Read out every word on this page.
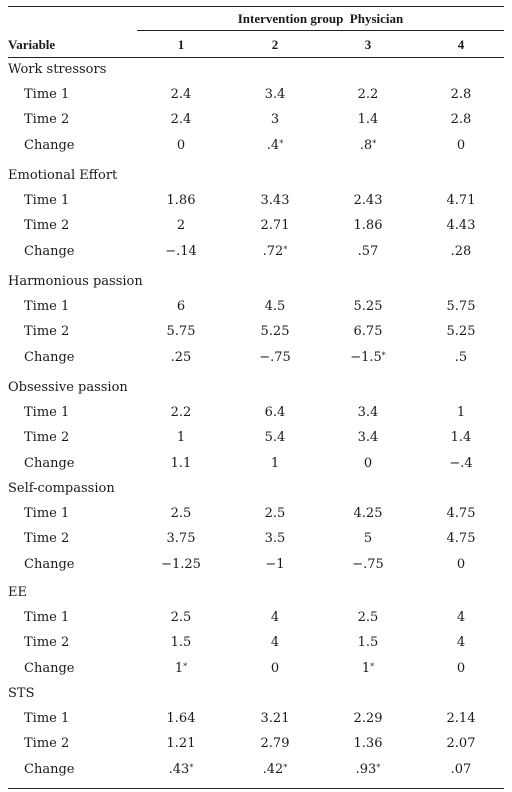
Intervention group  Physician
Variable	1	2	3	4
Work stressors
Time 1	2.4	3.4	2.2	2.8
Time 2	2.4	3	1.4	2.8
Change	0	.4*	.8*	0
Emotional Effort
Time 1	1.86	3.43	2.43	4.71
Time 2	2	2.71	1.86	4.43
Change	−.14	.72*	.57	.28
Harmonious passion
Time 1	6	4.5	5.25	5.75
Time 2	5.75	5.25	6.75	5.25
Change	.25	−.75	−1.5*	.5
Obsessive passion
Time 1	2.2	6.4	3.4	1
Time 2	1	5.4	3.4	1.4
Change	1.1	1	0	−.4
Self-compassion
Time 1	2.5	2.5	4.25	4.75
Time 2	3.75	3.5	5	4.75
Change	−1.25	−1	−.75	0
EE
Time 1	2.5	4	2.5	4
Time 2	1.5	4	1.5	4
Change	1*	0	1*	0
STS
Time 1	1.64	3.21	2.29	2.14
Time 2	1.21	2.79	1.36	2.07
Change	.43*	.42*	.93*	.07
